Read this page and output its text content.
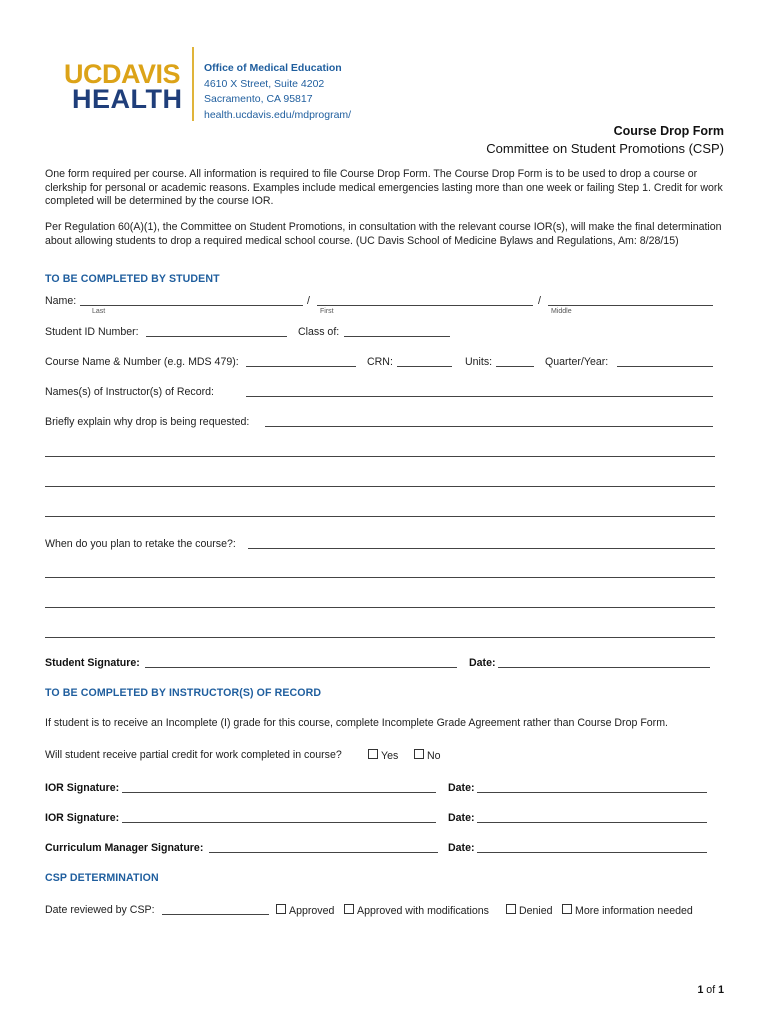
UCDAVIS
HEALTH
Office of Medical Education
4610 X Street, Suite 4202
Sacramento, CA 95817
health.ucdavis.edu/mdprogram/
Course Drop Form
Committee on Student Promotions (CSP)
One form required per course. All information is required to file Course Drop Form. The Course Drop Form is to be used to drop a course or clerkship for personal or academic reasons. Examples include medical emergencies lasting more than one week or failing Step 1. Credit for work completed will be determined by the course IOR.
Per Regulation 60(A)(1), the Committee on Student Promotions, in consultation with the relevant course IOR(s), will make the final determination about allowing students to drop a required medical school course. (UC Davis School of Medicine Bylaws and Regulations, Am: 8/28/15)
TO BE COMPLETED BY STUDENT
Name:	/	/
Last	First	Middle
Student ID Number:	Class of:
Course Name & Number (e.g. MDS 479):	CRN:	Units:	Quarter/Year:
Names(s) of Instructor(s) of Record:
Briefly explain why drop is being requested:
When do you plan to retake the course?:
Student Signature:	Date:
TO BE COMPLETED BY INSTRUCTOR(S) OF RECORD
If student is to receive an Incomplete (I) grade for this course, complete Incomplete Grade Agreement rather than Course Drop Form.
Will student receive partial credit for work completed in course?	Yes	No
IOR Signature:	Date:
IOR Signature:	Date:
Curriculum Manager Signature:	Date:
CSP DETERMINATION
Date reviewed by CSP:	Approved	Approved with modifications	Denied	More information needed
1 of 1
